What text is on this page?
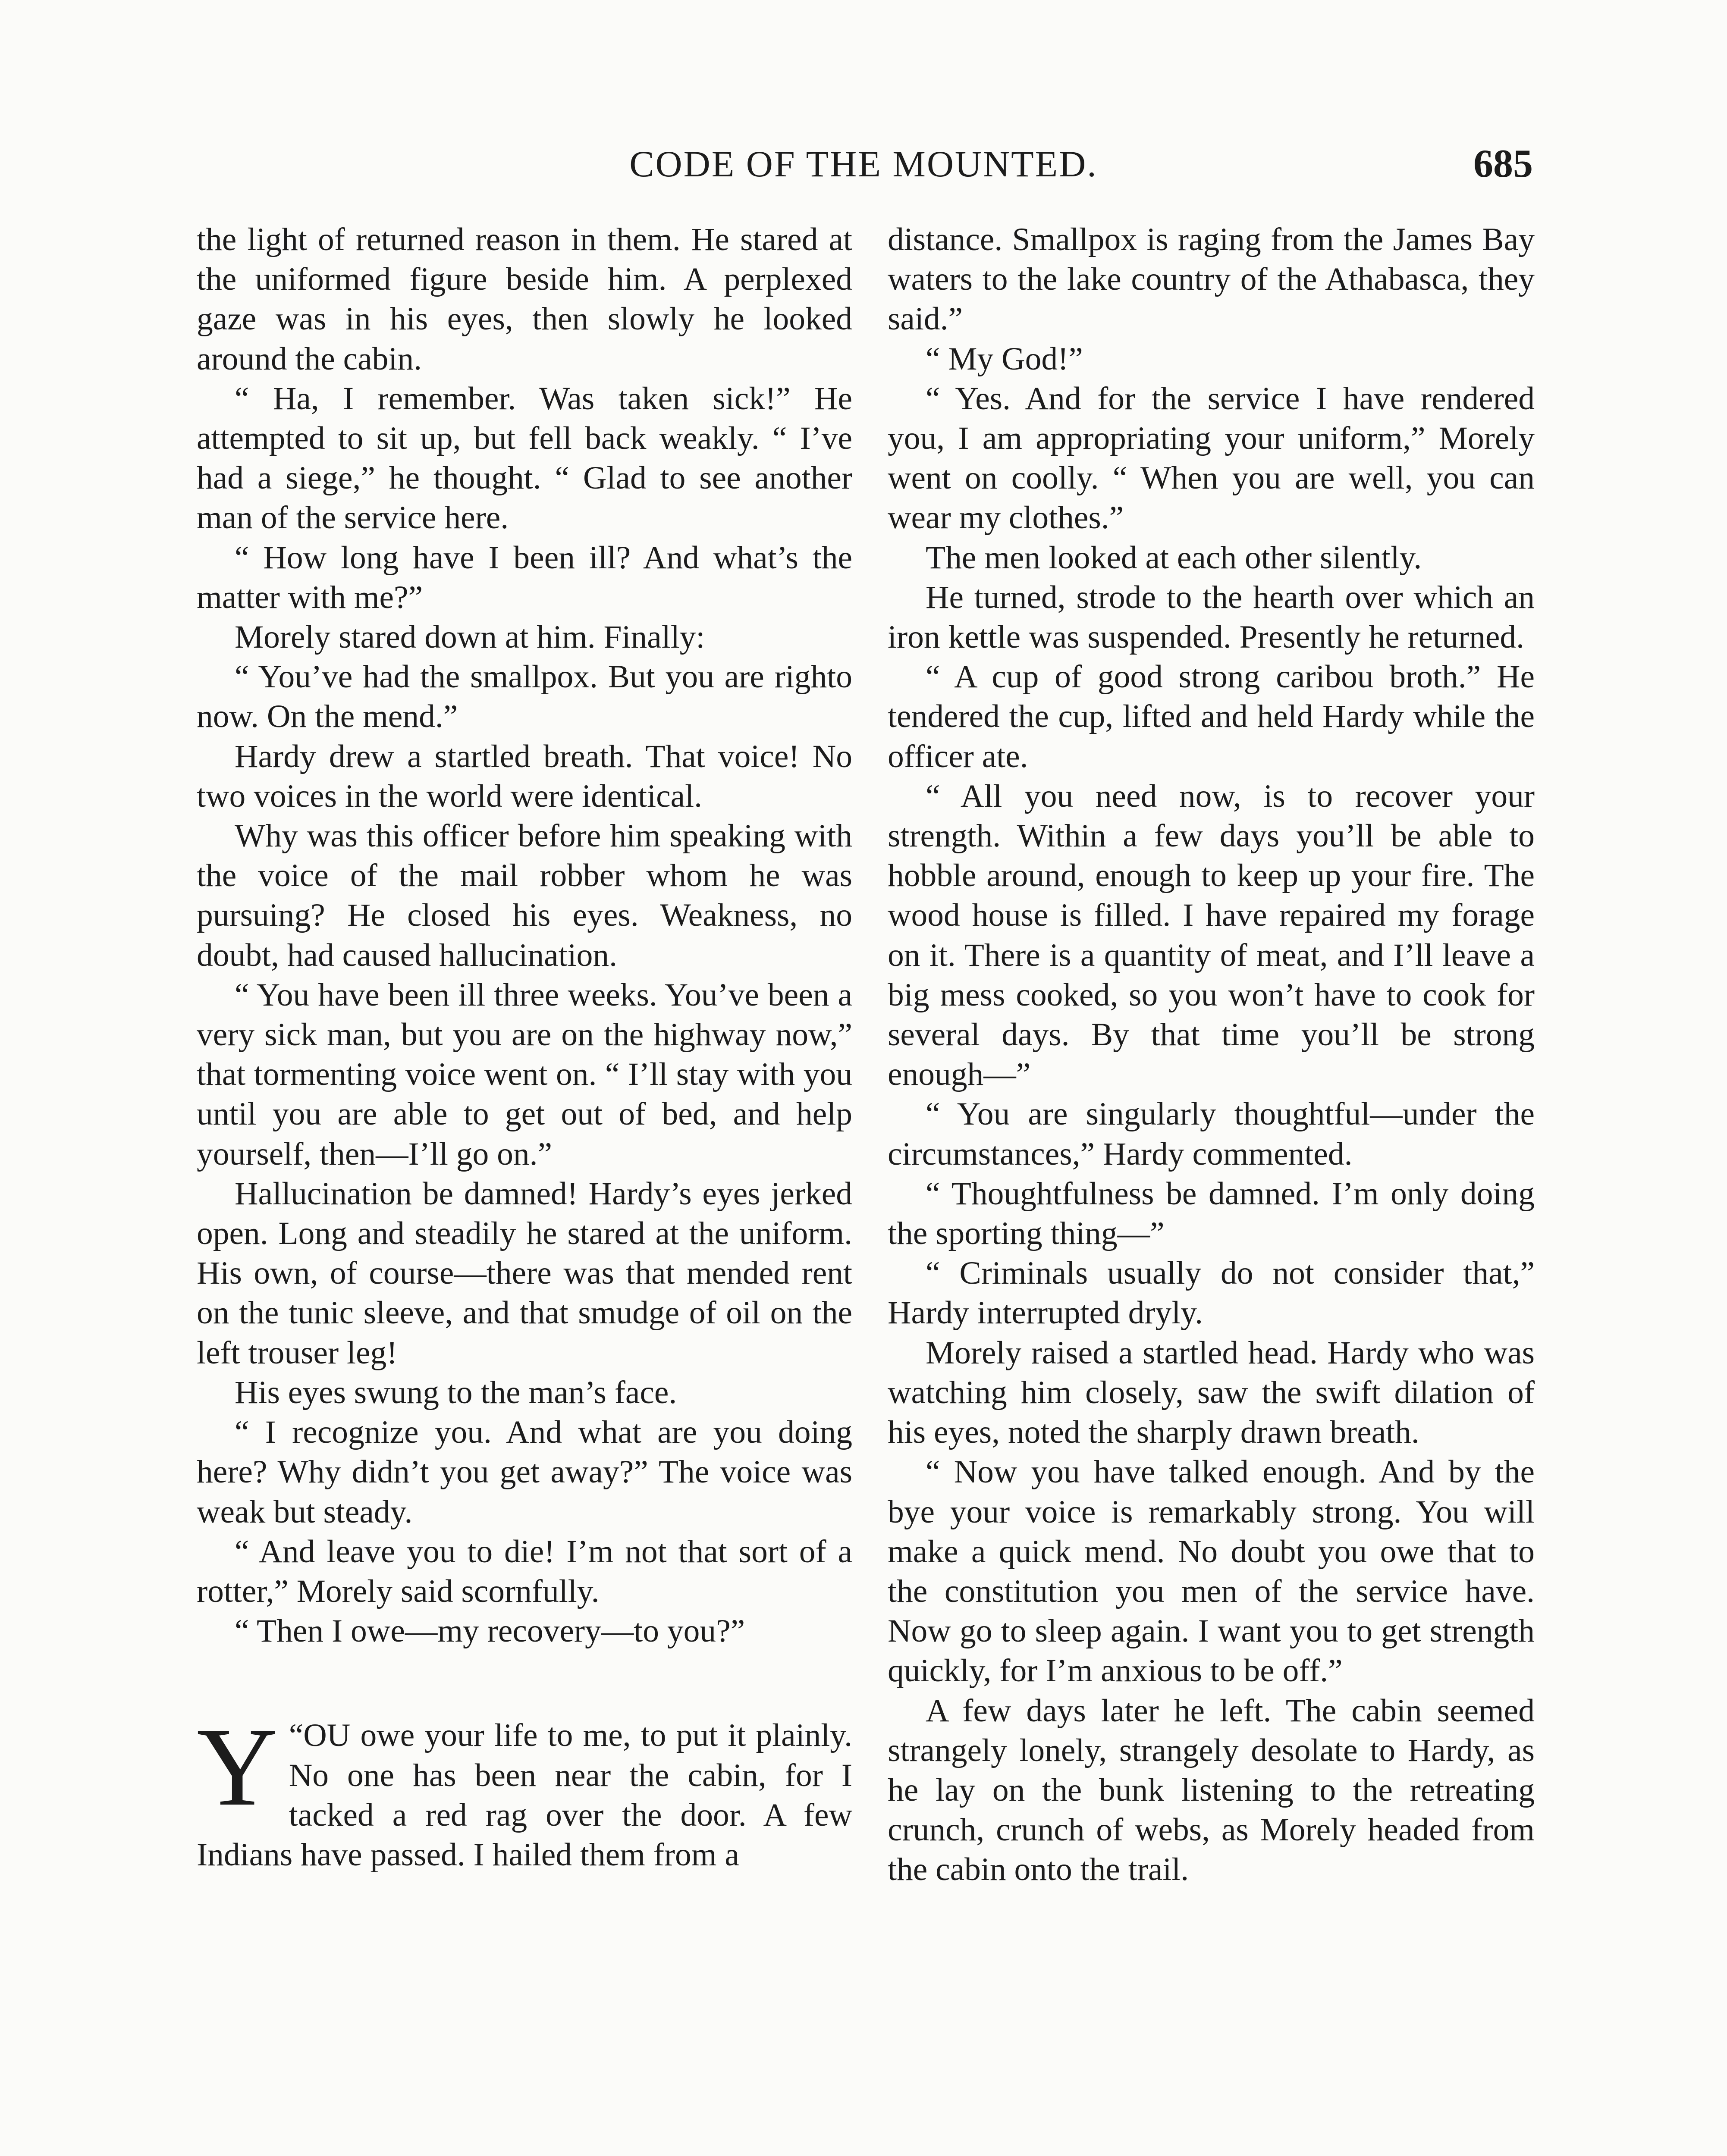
CODE OF THE MOUNTED.	685

the light of returned reason in them. He stared at the uniformed figure beside him. A perplexed gaze was in his eyes, then slowly he looked around the cabin.

“ Ha, I remember. Was taken sick!” He attempted to sit up, but fell back weakly. “ I’ve had a siege,” he thought. “ Glad to see another man of the service here.

“ How long have I been ill? And what’s the matter with me?”

Morely stared down at him. Finally:

“ You’ve had the smallpox. But you are righto now. On the mend.”

Hardy drew a startled breath. That voice! No two voices in the world were identical.

Why was this officer before him speaking with the voice of the mail robber whom he was pursuing? He closed his eyes. Weakness, no doubt, had caused hallucination.

“ You have been ill three weeks. You’ve been a very sick man, but you are on the highway now,” that tormenting voice went on. “ I’ll stay with you until you are able to get out of bed, and help yourself, then—I’ll go on.”

Hallucination be damned! Hardy’s eyes jerked open. Long and steadily he stared at the uniform. His own, of course—there was that mended rent on the tunic sleeve, and that smudge of oil on the left trouser leg!

His eyes swung to the man’s face.

“ I recognize you. And what are you doing here? Why didn’t you get away?” The voice was weak but steady.

“ And leave you to die! I’m not that sort of a rotter,” Morely said scornfully.

“ Then I owe—my recovery—to you?”

“
Y OU owe your life to me, to put it plainly. No one has been near the cabin, for I tacked a red rag over the door. A few Indians have passed. I hailed them from a

distance. Smallpox is raging from the James Bay waters to the lake country of the Athabasca, they said.”

“ My God!”

“ Yes. And for the service I have rendered you, I am appropriating your uniform,” Morely went on coolly. “ When you are well, you can wear my clothes.”

The men looked at each other silently.

He turned, strode to the hearth over which an iron kettle was suspended. Presently he returned.

“ A cup of good strong caribou broth.” He tendered the cup, lifted and held Hardy while the officer ate.

“ All you need now, is to recover your strength. Within a few days you’ll be able to hobble around, enough to keep up your fire. The wood house is filled. I have repaired my forage on it. There is a quantity of meat, and I’ll leave a big mess cooked, so you won’t have to cook for several days. By that time you’ll be strong enough—”

“ You are singularly thoughtful—under the circumstances,” Hardy commented.

“ Thoughtfulness be damned. I’m only doing the sporting thing—”

“ Criminals usually do not consider that,” Hardy interrupted dryly.

Morely raised a startled head. Hardy who was watching him closely, saw the swift dilation of his eyes, noted the sharply drawn breath.

“ Now you have talked enough. And by the bye your voice is remarkably strong. You will make a quick mend. No doubt you owe that to the constitution you men of the service have. Now go to sleep again. I want you to get strength quickly, for I’m anxious to be off.”

A few days later he left. The cabin seemed strangely lonely, strangely desolate to Hardy, as he lay on the bunk listening to the retreating crunch, crunch of webs, as Morely headed from the cabin onto the trail.
